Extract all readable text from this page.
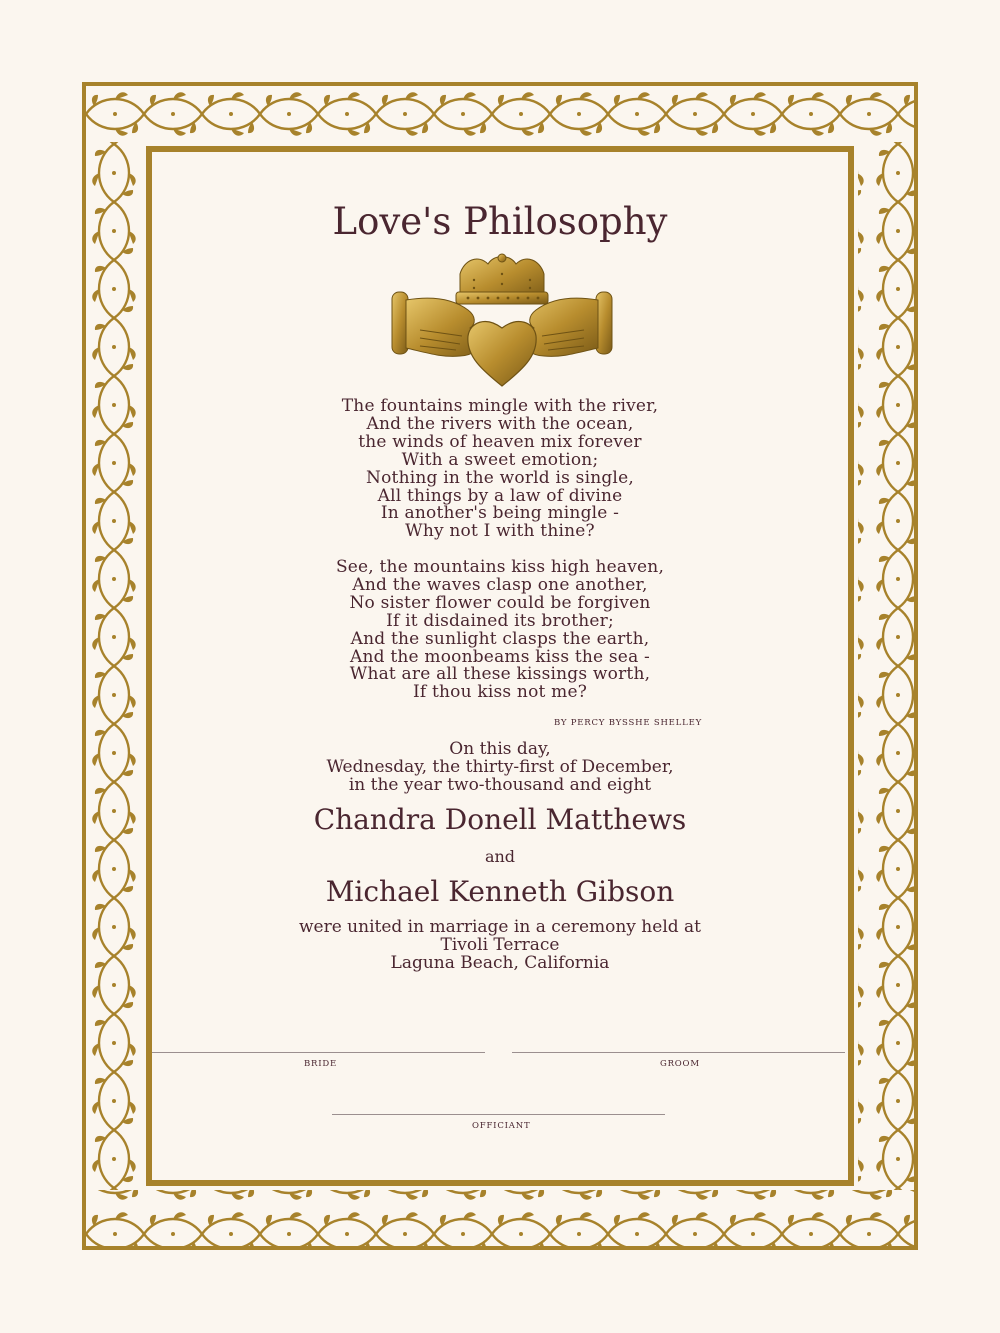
Love's Philosophy
The fountains mingle with the river,
And the rivers with the ocean,
the winds of heaven mix forever
With a sweet emotion;
Nothing in the world is single,
All things by a law of divine
In another's being mingle -
Why not I with thine?
See, the mountains kiss high heaven,
And the waves clasp one another,
No sister flower could be forgiven
If it disdained its brother;
And the sunlight clasps the earth,
And the moonbeams kiss the sea -
What are all these kissings worth,
If thou kiss not me?
BY PERCY BYSSHE SHELLEY
On this day,
Wednesday, the thirty-first of December,
in the year two-thousand and eight
Chandra Donell Matthews
and
Michael Kenneth Gibson
were united in marriage in a ceremony held at
Tivoli Terrace
Laguna Beach, California
BRIDE	GROOM
OFFICIANT
